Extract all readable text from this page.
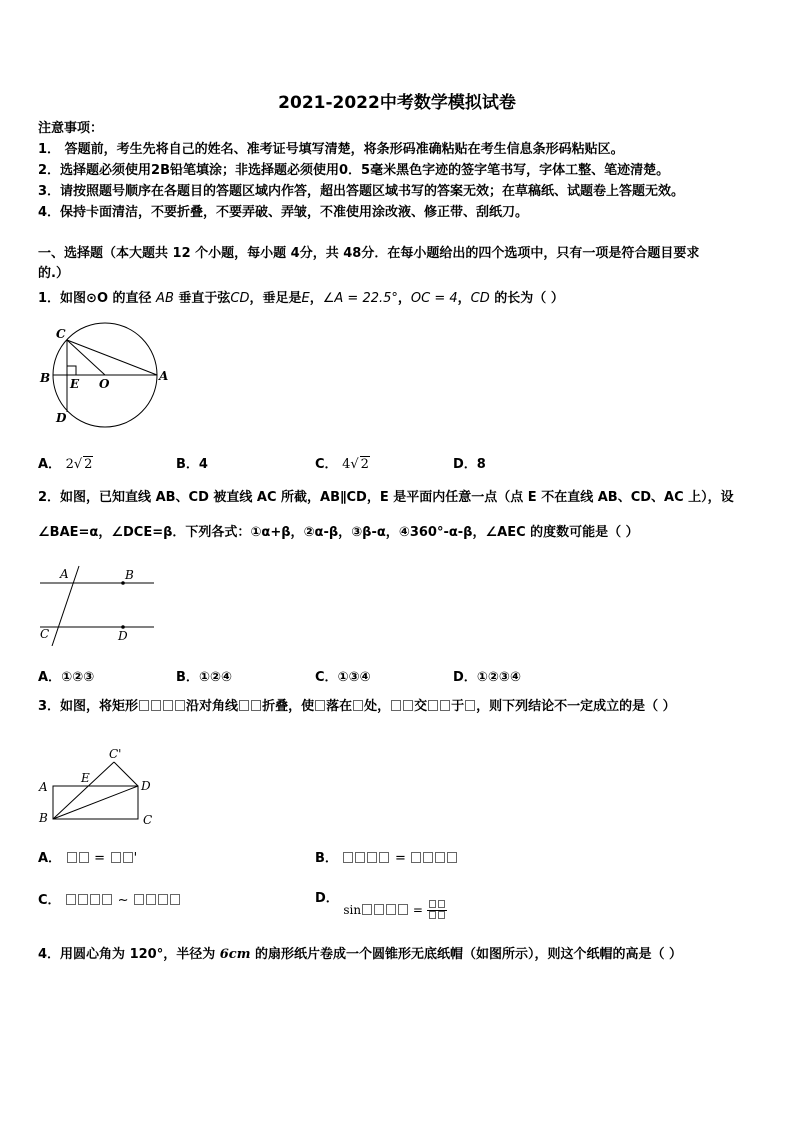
2021-2022中考数学模拟试卷
注意事项：
1． 答题前，考生先将自己的姓名、准考证号填写清楚，将条形码准确粘贴在考生信息条形码粘贴区。
2．选择题必须使用2B铅笔填涂；非选择题必须使用0．5毫米黑色字迹的签字笔书写，字体工整、笔迹清楚。
3．请按照题号顺序在各题目的答题区域内作答，超出答题区域书写的答案无效；在草稿纸、试题卷上答题无效。
4．保持卡面清洁，不要折叠，不要弄破、弄皱，不准使用涂改液、修正带、刮纸刀。
一、选择题（本大题共 12 个小题，每小题 4分，共 48分．在每小题给出的四个选项中，只有一项是符合题目要求
的.）
1．如图⊙O 的直径 AB 垂直于弦CD，垂足是E，∠A = 22.5°，OC = 4，CD 的长为（ ）
C
B E O
A
D
A． 2√ 2	B．4	C． 4√ 2	D．8
2．如图，已知直线 AB、CD 被直线 AC 所截，AB∥CD，E 是平面内任意一点（点 E 不在直线 AB、CD、AC 上），设
∠BAE=α，∠DCE=β．下列各式：①α+β，②α-β，③β-α，④360°-α-β，∠AEC 的度数可能是（ ）
A	B
C	D
A．①②③	B．①②④	C．①③④	D．①②③④
3．如图，将矩形	沿对角线 折叠，使 落在 处， 交 于 ，则下列结论不一定成立的是（ ）
C'
E
A	D
B	C
A．	= '	B．	=
C．	~	D． sin	=
4．用圆心角为 120°，半径为 6cm 的扇形纸片卷成一个圆锥形无底纸帽（如图所示），则这个纸帽的高是（ ）
